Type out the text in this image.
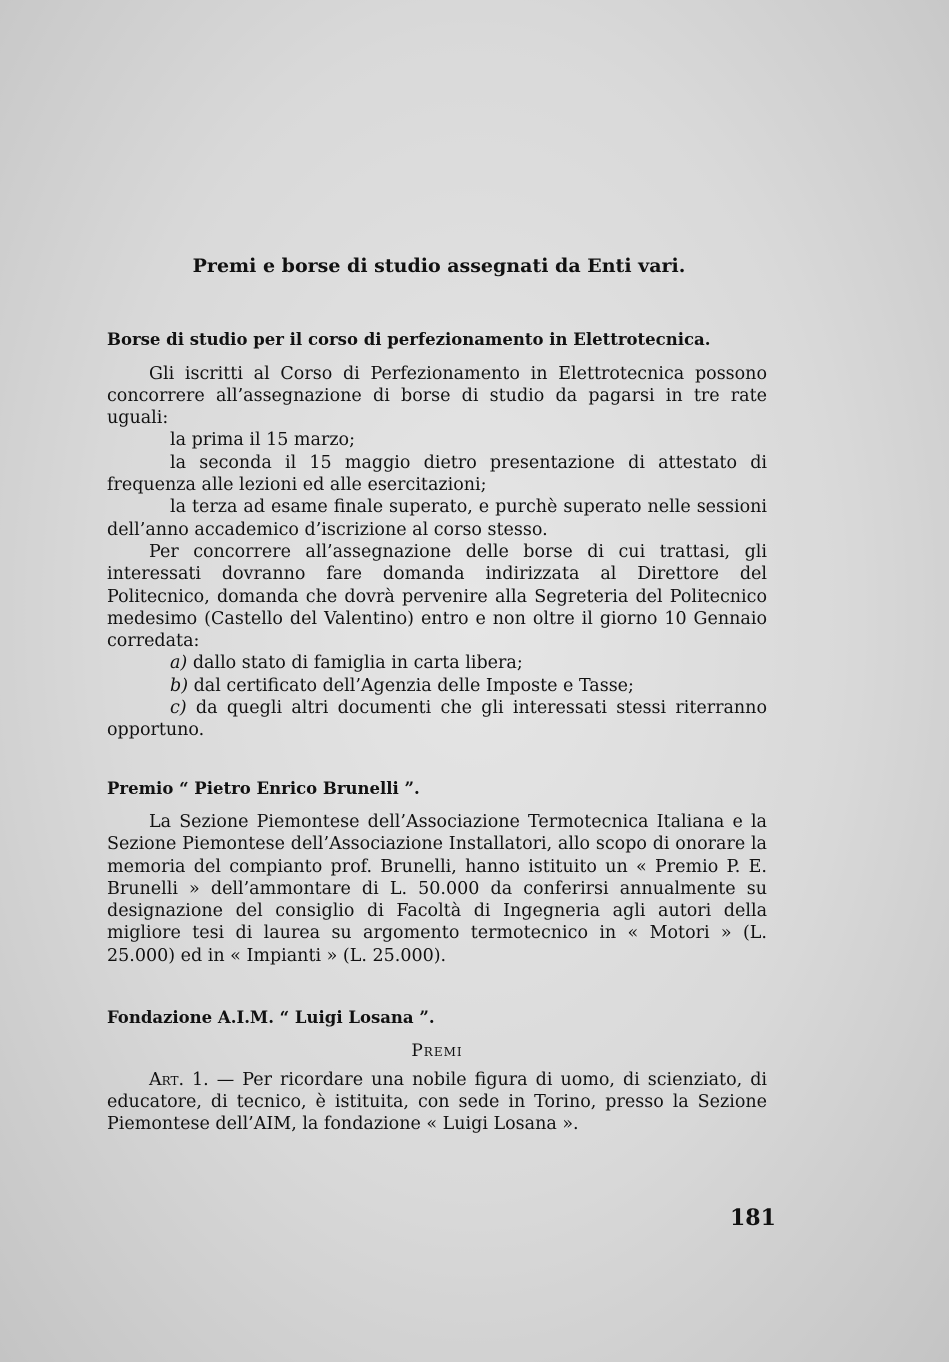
Premi e borse di studio assegnati da Enti vari.
Borse di studio per il corso di perfezionamento in Elettrotecnica.

Gli iscritti al Corso di Perfezionamento in Elettrotecnica possono concorrere all’assegnazione di borse di studio da pagarsi in tre rate uguali:

la prima il 15 marzo;

la seconda il 15 maggio dietro presentazione di attestato di frequenza alle lezioni ed alle esercitazioni;

la terza ad esame finale superato, e purchè superato nelle sessioni dell’anno accademico d’iscrizione al corso stesso.

Per concorrere all’assegnazione delle borse di cui trattasi, gli interessati dovranno fare domanda indirizzata al Direttore del Politecnico, domanda che dovrà pervenire alla Segreteria del Politecnico medesimo (Castello del Valentino) entro e non oltre il giorno 10 Gennaio corredata:

a) dallo stato di famiglia in carta libera;

b) dal certificato dell’Agenzia delle Imposte e Tasse;

c) da quegli altri documenti che gli interessati stessi riterranno opportuno.

Premio “ Pietro Enrico Brunelli ”.

La Sezione Piemontese dell’Associazione Termotecnica Italiana e la Sezione Piemontese dell’Associazione Installatori, allo scopo di onorare la memoria del compianto prof. Brunelli, hanno istituito un « Premio P. E. Brunelli » dell’ammontare di L. 50.000 da conferirsi annualmente su designazione del consiglio di Facoltà di Ingegneria agli autori della migliore tesi di laurea su argomento termotecnico in « Motori » (L. 25.000) ed in « Impianti » (L. 25.000).

Fondazione A.I.M. “ Luigi Losana ”.
Premi

Art. 1. — Per ricordare una nobile figura di uomo, di scienziato, di educatore, di tecnico, è istituita, con sede in Torino, presso la Sezione Piemontese dell’AIM, la fondazione « Luigi Losana ».

181
